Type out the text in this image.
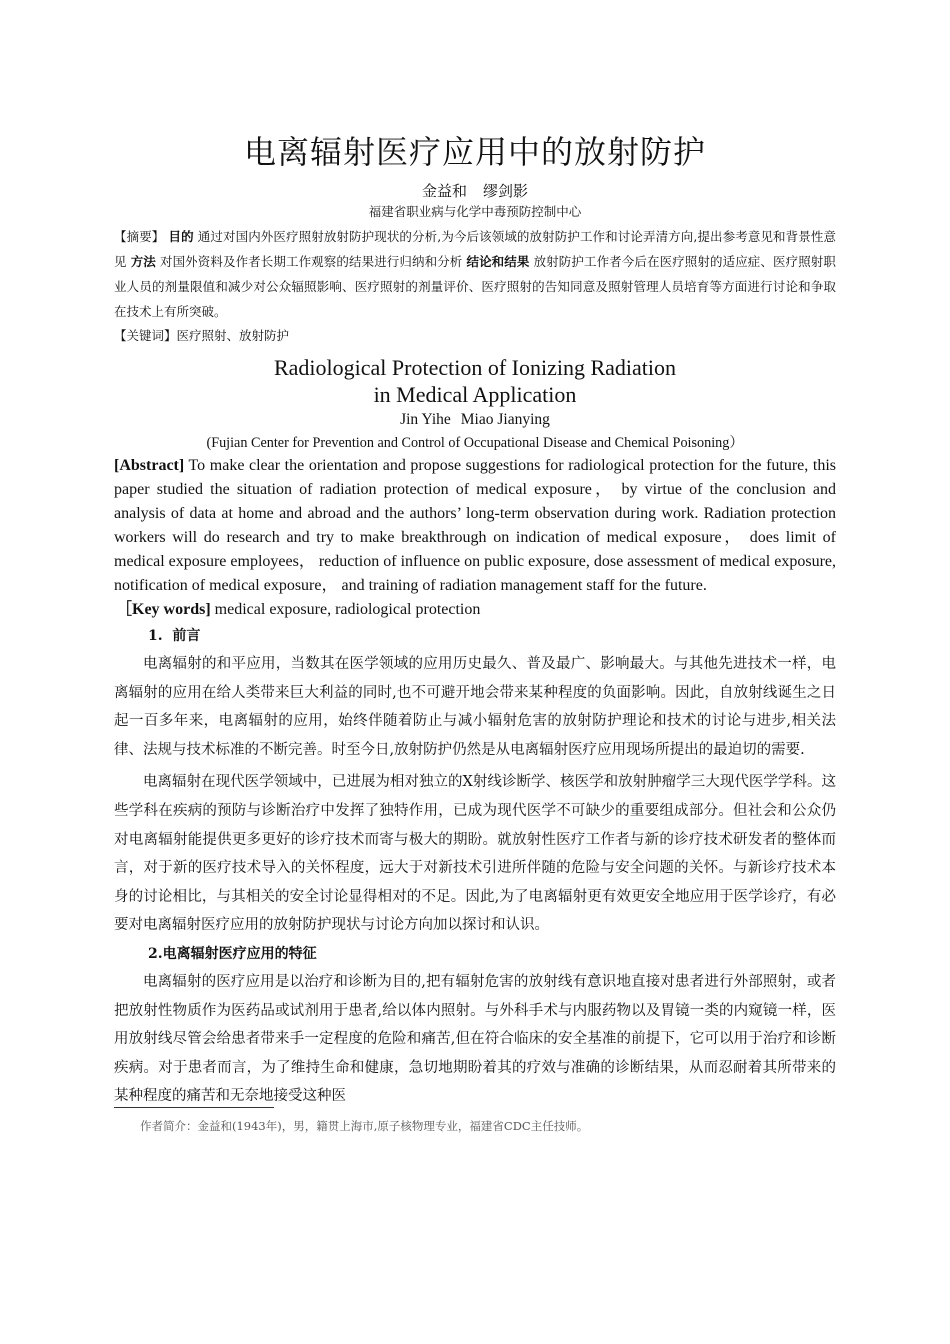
电离辐射医疗应用中的放射防护
金益和 缪剑影
福建省职业病与化学中毒预防控制中心
【摘要】 目的 通过对国内外医疗照射放射防护现状的分析,为今后该领域的放射防护工作和讨论弄清方向,提出参考意见和背景性意见 方法 对国外资料及作者长期工作观察的结果进行归纳和分析 结论和结果 放射防护工作者今后在医疗照射的适应症、医疗照射职业人员的剂量限值和减少对公众辐照影响、医疗照射的剂量评价、医疗照射的告知同意及照射管理人员培育等方面进行讨论和争取在技术上有所突破。
【关键词】医疗照射、放射防护
Radiological Protection of Ionizing Radiation
in Medical Application
Jin Yihe Miao Jianying
(Fujian Center for Prevention and Control of Occupational Disease and Chemical Poisoning）
[Abstract] To make clear the orientation and propose suggestions for radiological protection for the future, this paper studied the situation of radiation protection of medical exposure， by virtue of the conclusion and analysis of data at home and abroad and the authors’ long-term observation during work. Radiation protection workers will do research and try to make breakthrough on indication of medical exposure， does limit of medical exposure employees， reduction of influence on public exposure, dose assessment of medical exposure, notification of medical exposure， and training of radiation management staff for the future.
［Key words] medical exposure, radiological protection
1.  前言
电离辐射的和平应用，当数其在医学领域的应用历史最久、普及最广、影响最大。与其他先进技术一样，电离辐射的应用在给人类带来巨大利益的同时,也不可避开地会带来某种程度的负面影响。因此，自放射线诞生之日起一百多年来，电离辐射的应用，始终伴随着防止与减小辐射危害的放射防护理论和技术的讨论与进步,相关法律、法规与技术标准的不断完善。时至今日,放射防护仍然是从电离辐射医疗应用现场所提出的最迫切的需要.
电离辐射在现代医学领域中，已进展为相对独立的X射线诊断学、核医学和放射肿瘤学三大现代医学学科。这些学科在疾病的预防与诊断治疗中发挥了独特作用，已成为现代医学不可缺少的重要组成部分。但社会和公众仍对电离辐射能提供更多更好的诊疗技术而寄与极大的期盼。就放射性医疗工作者与新的诊疗技术研发者的整体而言，对于新的医疗技术导入的关怀程度，远大于对新技术引进所伴随的危险与安全问题的关怀。与新诊疗技术本身的讨论相比，与其相关的安全讨论显得相对的不足。因此,为了电离辐射更有效更安全地应用于医学诊疗，有必要对电离辐射医疗应用的放射防护现状与讨论方向加以探讨和认识。
2.电离辐射医疗应用的特征
电离辐射的医疗应用是以治疗和诊断为目的,把有辐射危害的放射线有意识地直接对患者进行外部照射，或者把放射性物质作为医药品或试剂用于患者,给以体内照射。与外科手术与内服药物以及胃镜一类的内窥镜一样，医用放射线尽管会给患者带来手一定程度的危险和痛苦,但在符合临床的安全基准的前提下，它可以用于治疗和诊断疾病。对于患者而言，为了维持生命和健康，急切地期盼着其的疗效与准确的诊断结果，从而忍耐着其所带来的某种程度的痛苦和无奈地接受这种医
作者简介：金益和(1943年)，男，籍贯上海市,原子核物理专业，福建省CDC主任技师。
